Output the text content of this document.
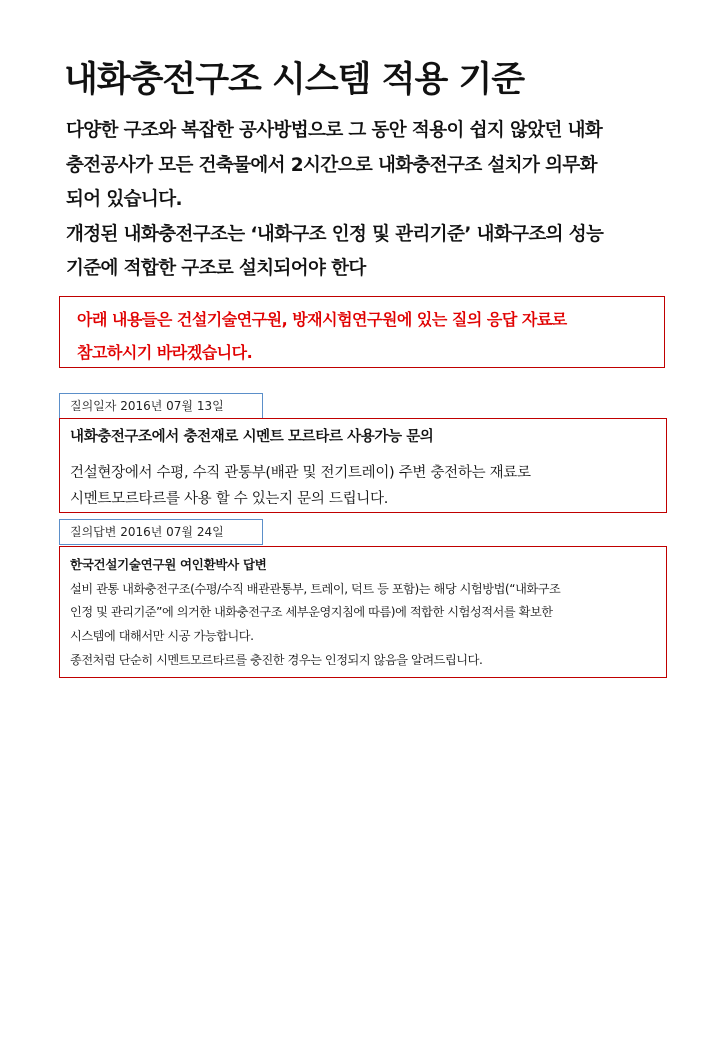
내화충전구조 시스템 적용 기준
다양한 구조와 복잡한 공사방법으로 그 동안 적용이 쉽지 않았던 내화
충전공사가 모든 건축물에서 2시간으로 내화충전구조 설치가 의무화
되어 있습니다.
개정된 내화충전구조는 ‘내화구조 인정 및 관리기준’ 내화구조의 성능
기준에 적합한 구조로 설치되어야 한다
아래 내용들은 건설기술연구원, 방재시험연구원에 있는 질의 응답 자료로
참고하시기 바라겠습니다.
질의일자 2016년 07월 13일
내화충전구조에서 충전재로 시멘트 모르타르 사용가능 문의
건설현장에서 수평, 수직 관통부(배관 및 전기트레이) 주변 충전하는 재료로
시멘트모르타르를 사용 할 수 있는지 문의 드립니다.
질의답변 2016년 07월 24일
한국건설기술연구원 여인환박사 답변
설비 관통 내화충전구조(수평/수직 배관관통부, 트레이, 덕트 등 포함)는 해당 시험방법(“내화구조
인정 및 관리기준”에 의거한 내화충전구조 세부운영지침에 따름)에 적합한 시험성적서를 확보한
시스템에 대해서만 시공 가능합니다.
종전처럼 단순히 시멘트모르타르를 충진한 경우는 인정되지 않음을 알려드립니다.
